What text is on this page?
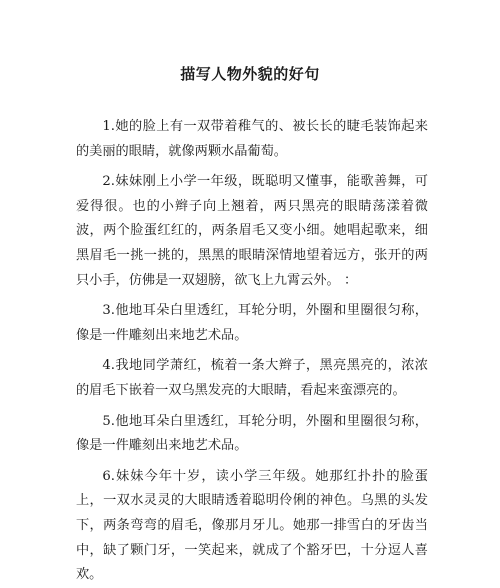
描写人物外貌的好句

1.她的脸上有一双带着稚气的、被长长的睫毛装饰起来的美丽的眼睛，就像两颗水晶葡萄。

2.妹妹刚上小学一年级，既聪明又懂事，能歌善舞，可爱得很。也的小辫子向上翘着，两只黑亮的眼睛荡漾着微波，两个脸蛋红红的，两条眉毛又变小细。她唱起歌来，细黑眉毛一挑一挑的，黑黑的眼睛深情地望着远方，张开的两只小手，仿佛是一双翅膀，欲飞上九霄云外。 ：

3.他地耳朵白里透红，耳轮分明，外圈和里圈很匀称，像是一件雕刻出来地艺术品。

4.我地同学萧红，梳着一条大辫子，黑亮黑亮的，浓浓的眉毛下嵌着一双乌黑发亮的大眼睛，看起来蛮漂亮的。

5.他地耳朵白里透红，耳轮分明，外圈和里圈很匀称，像是一件雕刻出来地艺术品。

6.妹妹今年十岁，读小学三年级。她那红扑扑的脸蛋上，一双水灵灵的大眼睛透着聪明伶俐的神色。乌黑的头发下，两条弯弯的眉毛，像那月牙儿。她那一排雪白的牙齿当中，缺了颗门牙，一笑起来，就成了个豁牙巴，十分逗人喜欢。
